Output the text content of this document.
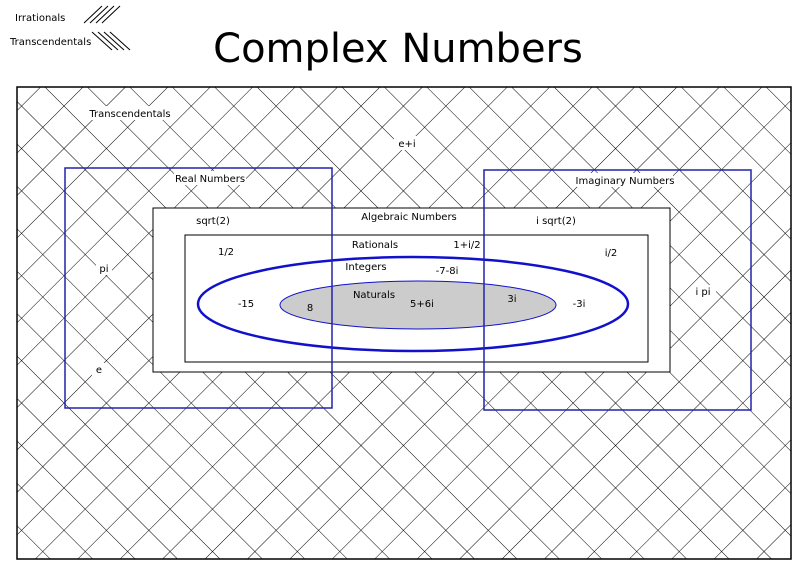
Irrationals
Transcendentals	Complex Numbers
Transcendentals
Real Numbers	Imaginary Numbers
Algebraic Numbers
Rationals
Integers
Naturals
e+i
pi
e
i pi
sqrt(2)	i sqrt(2)
1/2
1+i/2
i/2
-7-8i
-15	8	5+6i	3i	-3i
